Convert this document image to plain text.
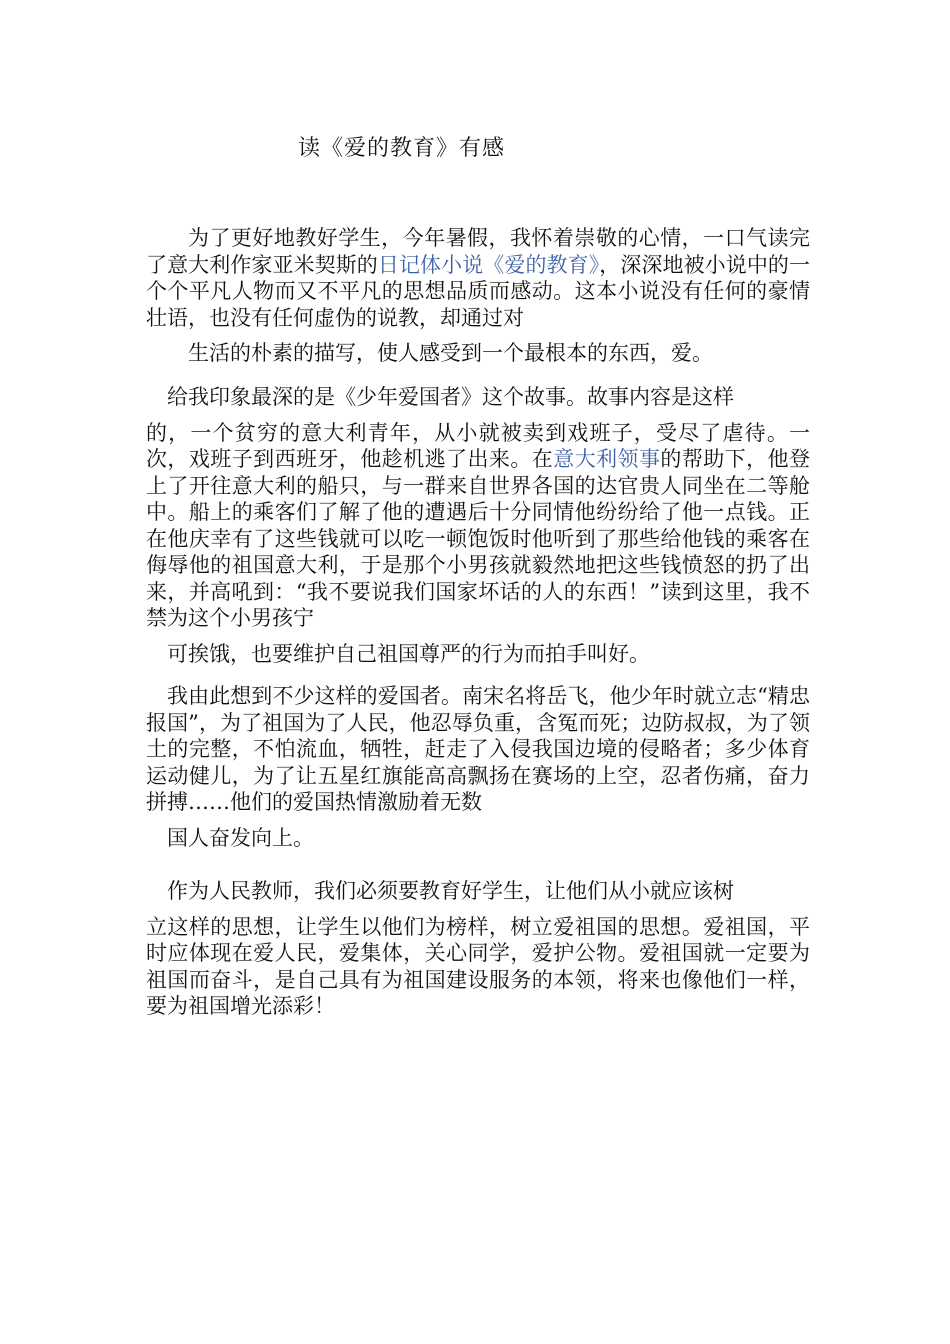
读《爱的教育》有感
为了更好地教好学生，今年暑假，我怀着崇敬的心情，一口气读完了意大利作家亚米契斯的日记体小说《爱的教育》，深深地被小说中的一个个平凡人物而又不平凡的思想品质而感动。这本小说没有任何的豪情壮语，也没有任何虚伪的说教，却通过对
生活的朴素的描写，使人感受到一个最根本的东西，爱。
给我印象最深的是《少年爱国者》这个故事。故事内容是这样
的，一个贫穷的意大利青年，从小就被卖到戏班子，受尽了虐待。一次，戏班子到西班牙，他趁机逃了出来。在意大利领事的帮助下，他登上了开往意大利的船只，与一群来自世界各国的达官贵人同坐在二等舱中。船上的乘客们了解了他的遭遇后十分同情他纷纷给了他一点钱。正在他庆幸有了这些钱就可以吃一顿饱饭时他听到了那些给他钱的乘客在侮辱他的祖国意大利，于是那个小男孩就毅然地把这些钱愤怒的扔了出来，并高吼到：“我不要说我们国家坏话的人的东西！”读到这里，我不禁为这个小男孩宁
可挨饿，也要维护自己祖国尊严的行为而拍手叫好。
我由此想到不少这样的爱国者。南宋名将岳飞，他少年时就立志“精忠报国”，为了祖国为了人民，他忍辱负重，含冤而死；边防叔叔，为了领土的完整，不怕流血，牺牲，赶走了入侵我国边境的侵略者；多少体育运动健儿，为了让五星红旗能高高飘扬在赛场的上空，忍者伤痛，奋力拼搏……他们的爱国热情激励着无数
国人奋发向上。
作为人民教师，我们必须要教育好学生，让他们从小就应该树
立这样的思想，让学生以他们为榜样，树立爱祖国的思想。爱祖国，平时应体现在爱人民，爱集体，关心同学，爱护公物。爱祖国就一定要为祖国而奋斗，是自己具有为祖国建设服务的本领，将来也像他们一样，要为祖国增光添彩！
